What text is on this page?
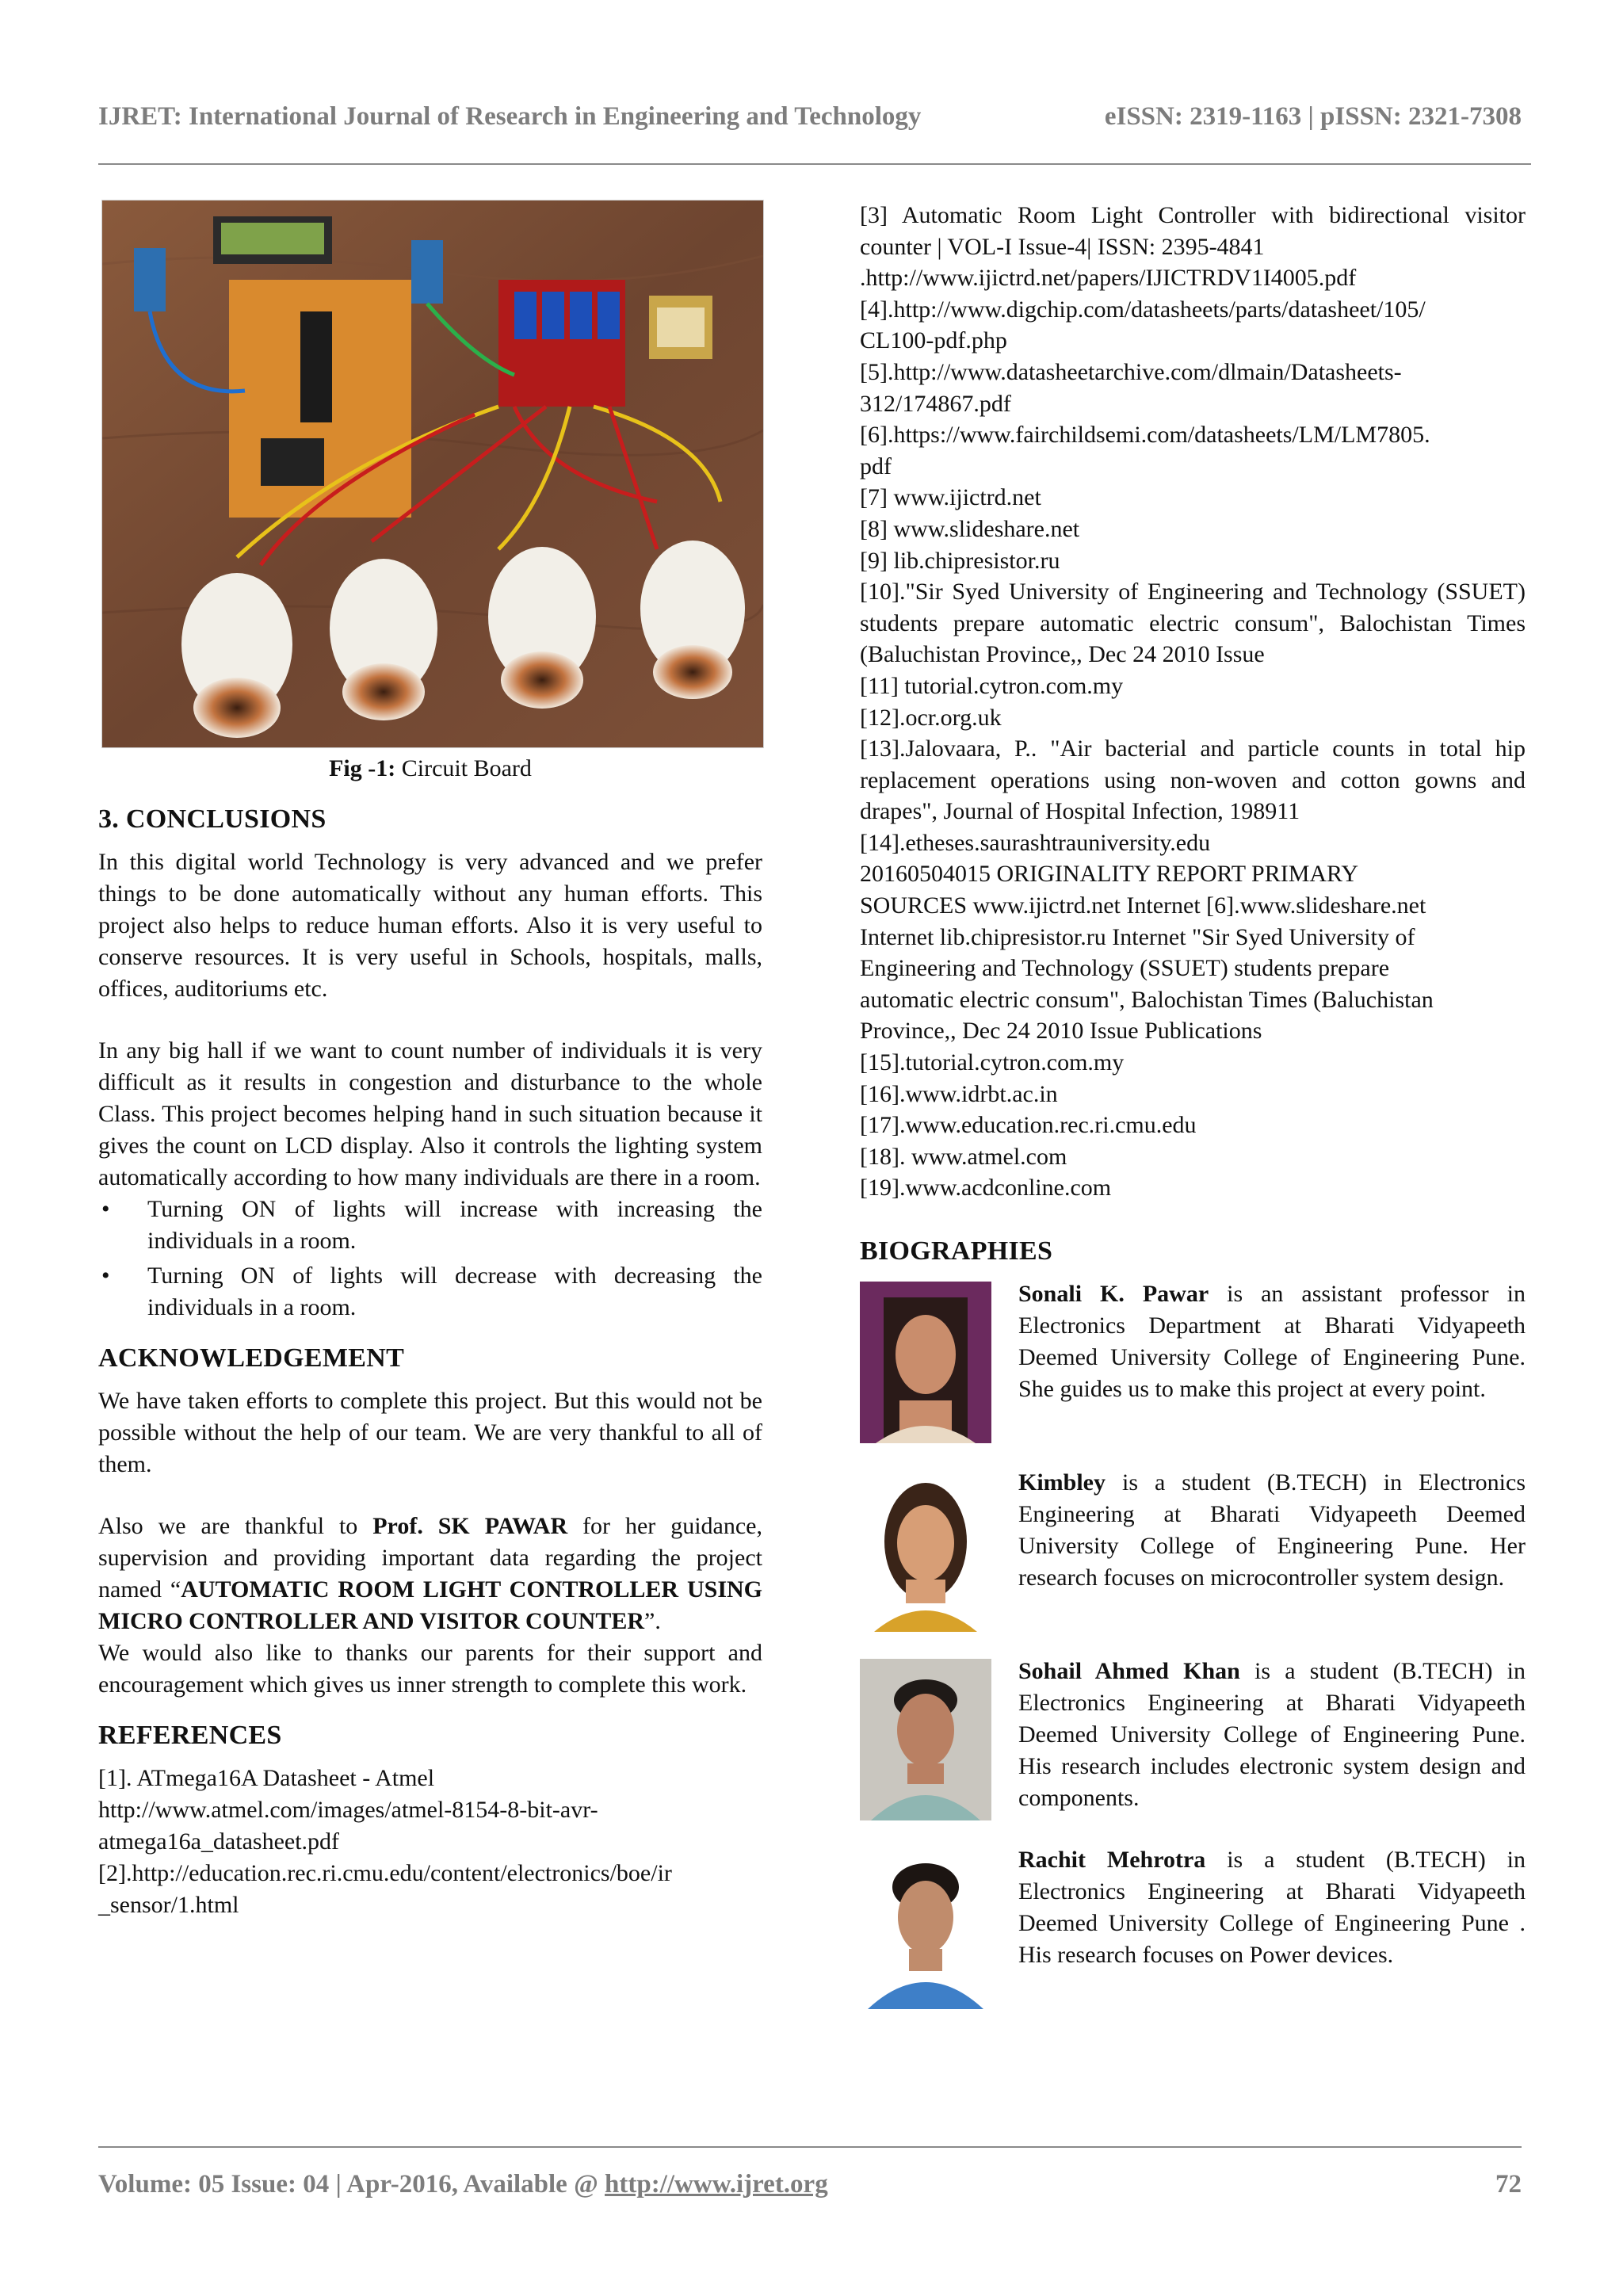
IJRET: International Journal of Research in Engineering and Technology	eISSN: 2319-1163 | pISSN: 2321-7308
Fig -1: Circuit Board
3. CONCLUSIONS

In this digital world Technology is very advanced and we prefer things to be done automatically without any human efforts. This project also helps to reduce human efforts. Also it is very useful to conserve resources. It is very useful in Schools, hospitals, malls, offices, auditoriums etc.

In any big hall if we want to count number of individuals it is very difficult as it results in congestion and disturbance to the whole Class. This project becomes helping hand in such situation because it gives the count on LCD display. Also it controls the lighting system automatically according to how many individuals are there in a room.

• Turning ON of lights will increase with increasing the individuals in a room.
• Turning ON of lights will decrease with decreasing the individuals in a room.
ACKNOWLEDGEMENT

We have taken efforts to complete this project. But this would not be possible without the help of our team. We are very thankful to all of them.

Also we are thankful to Prof. SK PAWAR for her guidance, supervision and providing important data regarding the project named “AUTOMATIC ROOM LIGHT CONTROLLER USING MICRO CONTROLLER AND VISITOR COUNTER”.

We would also like to thanks our parents for their support and encouragement which gives us inner strength to complete this work.

REFERENCES
[1]. ATmega16A Datasheet - Atmel
http://www.atmel.com/images/atmel-8154-8-bit-avr-
atmega16a_datasheet.pdf
[2].http://education.rec.ri.cmu.edu/content/electronics/boe/ir
_sensor/1.html
[3] Automatic Room Light Controller with bidirectional visitor counter | VOL-I Issue-4| ISSN: 2395-4841
.http://www.ijictrd.net/papers/IJICTRDV1I4005.pdf
[4].http://www.digchip.com/datasheets/parts/datasheet/105/
CL100-pdf.php
[5].http://www.datasheetarchive.com/dlmain/Datasheets-
312/174867.pdf
[6].https://www.fairchildsemi.com/datasheets/LM/LM7805.
pdf
[7] www.ijictrd.net
[8] www.slideshare.net
[9] lib.chipresistor.ru
[10]."Sir Syed University of Engineering and Technology (SSUET) students prepare automatic electric consum", Balochistan Times (Baluchistan Province,, Dec 24 2010 Issue
[11] tutorial.cytron.com.my
[12].ocr.org.uk
[13].Jalovaara, P.. "Air bacterial and particle counts in total hip replacement operations using non-woven and cotton gowns and drapes", Journal of Hospital Infection, 198911
[14].etheses.saurashtrauniversity.edu
20160504015 ORIGINALITY REPORT PRIMARY
SOURCES www.ijictrd.net Internet [6].www.slideshare.net
Internet lib.chipresistor.ru Internet "Sir Syed University of
Engineering and Technology (SSUET) students prepare
automatic electric consum", Balochistan Times (Baluchistan
Province,, Dec 24 2010 Issue Publications
[15].tutorial.cytron.com.my
[16].www.idrbt.ac.in
[17].www.education.rec.ri.cmu.edu
[18]. www.atmel.com
[19].www.acdconline.com
BIOGRAPHIES
Sonali K. Pawar is an assistant professor in Electronics Department at Bharati Vidyapeeth Deemed University College of Engineering Pune. She guides us to make this project at every point.
Kimbley is a student (B.TECH) in Electronics Engineering at Bharati Vidyapeeth Deemed University College of Engineering Pune. Her research focuses on microcontroller system design.
Sohail Ahmed Khan is a student (B.TECH) in Electronics Engineering at Bharati Vidyapeeth Deemed University College of Engineering Pune. His research includes electronic system design and components.
Rachit Mehrotra is a student (B.TECH) in Electronics Engineering at Bharati Vidyapeeth Deemed University College of Engineering Pune . His research focuses on Power devices.
Volume: 05 Issue: 04 | Apr-2016, Available @ http://www.ijret.org	72
